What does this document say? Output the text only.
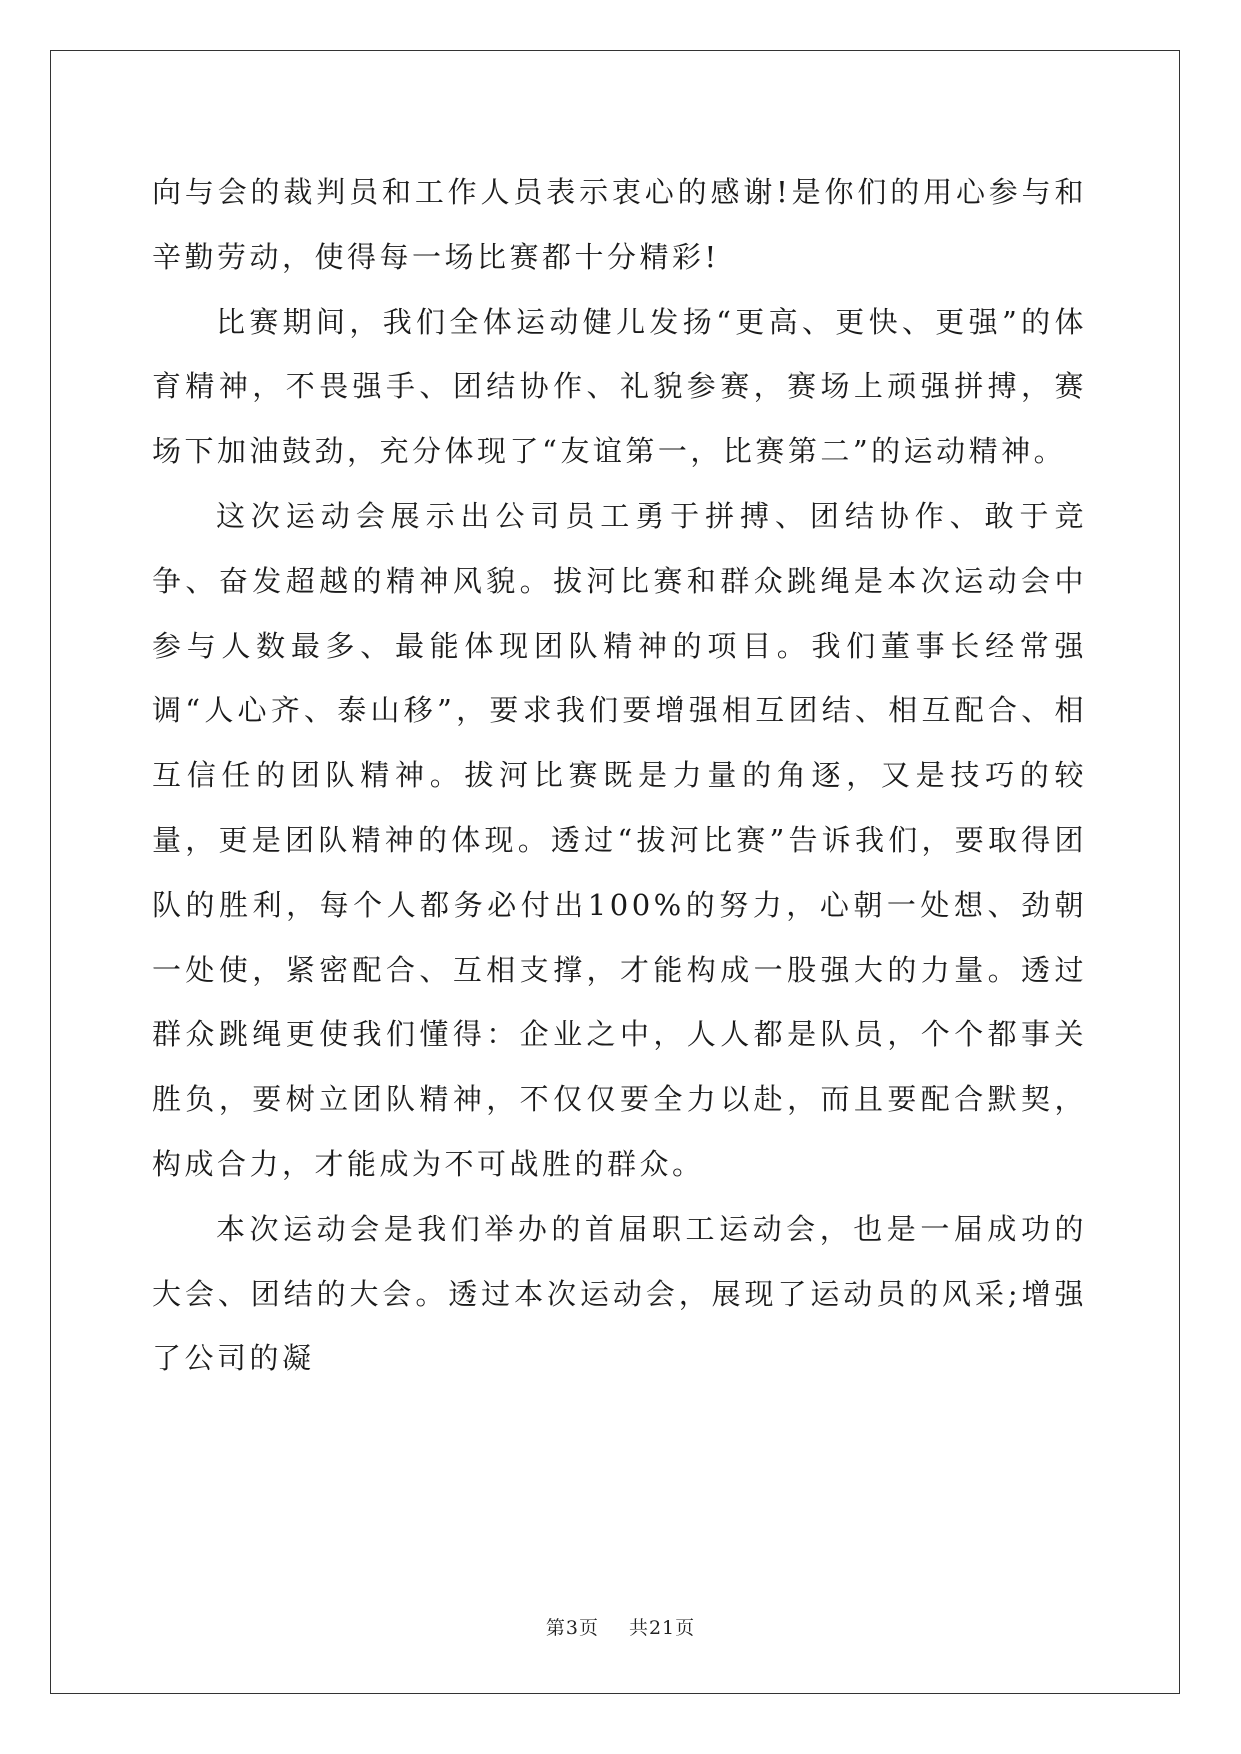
向与会的裁判员和工作人员表示衷心的感谢!是你们的用心参与和辛勤劳动，使得每一场比赛都十分精彩!

比赛期间，我们全体运动健儿发扬“更高、更快、更强”的体育精神，不畏强手、团结协作、礼貌参赛，赛场上顽强拼搏，赛场下加油鼓劲，充分体现了“友谊第一，比赛第二”的运动精神。

这次运动会展示出公司员工勇于拼搏、团结协作、敢于竞争、奋发超越的精神风貌。拔河比赛和群众跳绳是本次运动会中参与人数最多、最能体现团队精神的项目。我们董事长经常强调“人心齐、泰山移”，要求我们要增强相互团结、相互配合、相互信任的团队精神。拔河比赛既是力量的角逐，又是技巧的较量，更是团队精神的体现。透过“拔河比赛”告诉我们，要取得团队的胜利，每个人都务必付出100%的努力，心朝一处想、劲朝一处使，紧密配合、互相支撑，才能构成一股强大的力量。透过群众跳绳更使我们懂得：企业之中，人人都是队员，个个都事关胜负，要树立团队精神，不仅仅要全力以赴，而且要配合默契，构成合力，才能成为不可战胜的群众。

本次运动会是我们举办的首届职工运动会，也是一届成功的大会、团结的大会。透过本次运动会，展现了运动员的风采;增强了公司的凝

第3页 共21页
